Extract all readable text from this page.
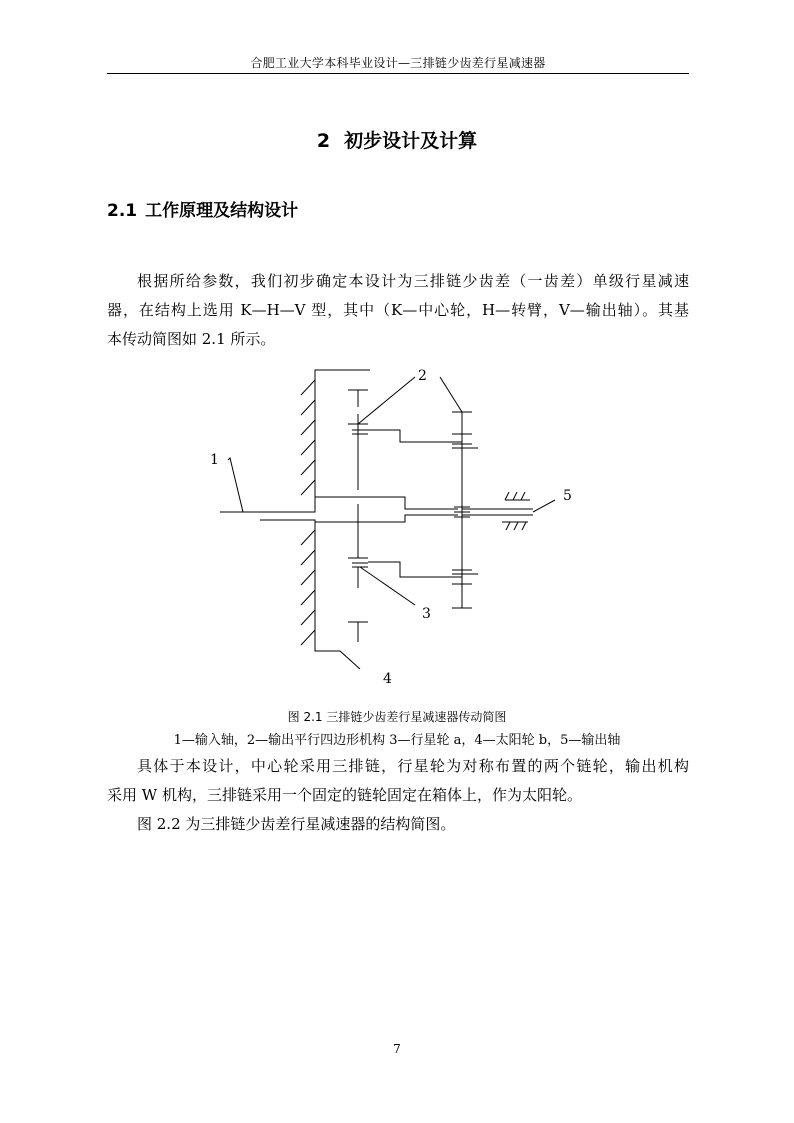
合肥工业大学本科毕业设计—三排链少齿差行星减速器
2 初步设计及计算
2.1 工作原理及结构设计
根据所给参数，我们初步确定本设计为三排链少齿差（一齿差）单级行星减速
器，在结构上选用 K—H—V 型，其中（K—中心轮，H—转臂，V—输出轴）。其基
本传动简图如 2.1 所示。
1
2
3
4
5
图 2.1 三排链少齿差行星减速器传动简图
1—输入轴，2—输出平行四边形机构 3—行星轮 a，4—太阳轮 b，5—输出轴
具体于本设计，中心轮采用三排链，行星轮为对称布置的两个链轮，输出机构
采用 W 机构，三排链采用一个固定的链轮固定在箱体上，作为太阳轮。
图 2.2 为三排链少齿差行星减速器的结构简图。
7
